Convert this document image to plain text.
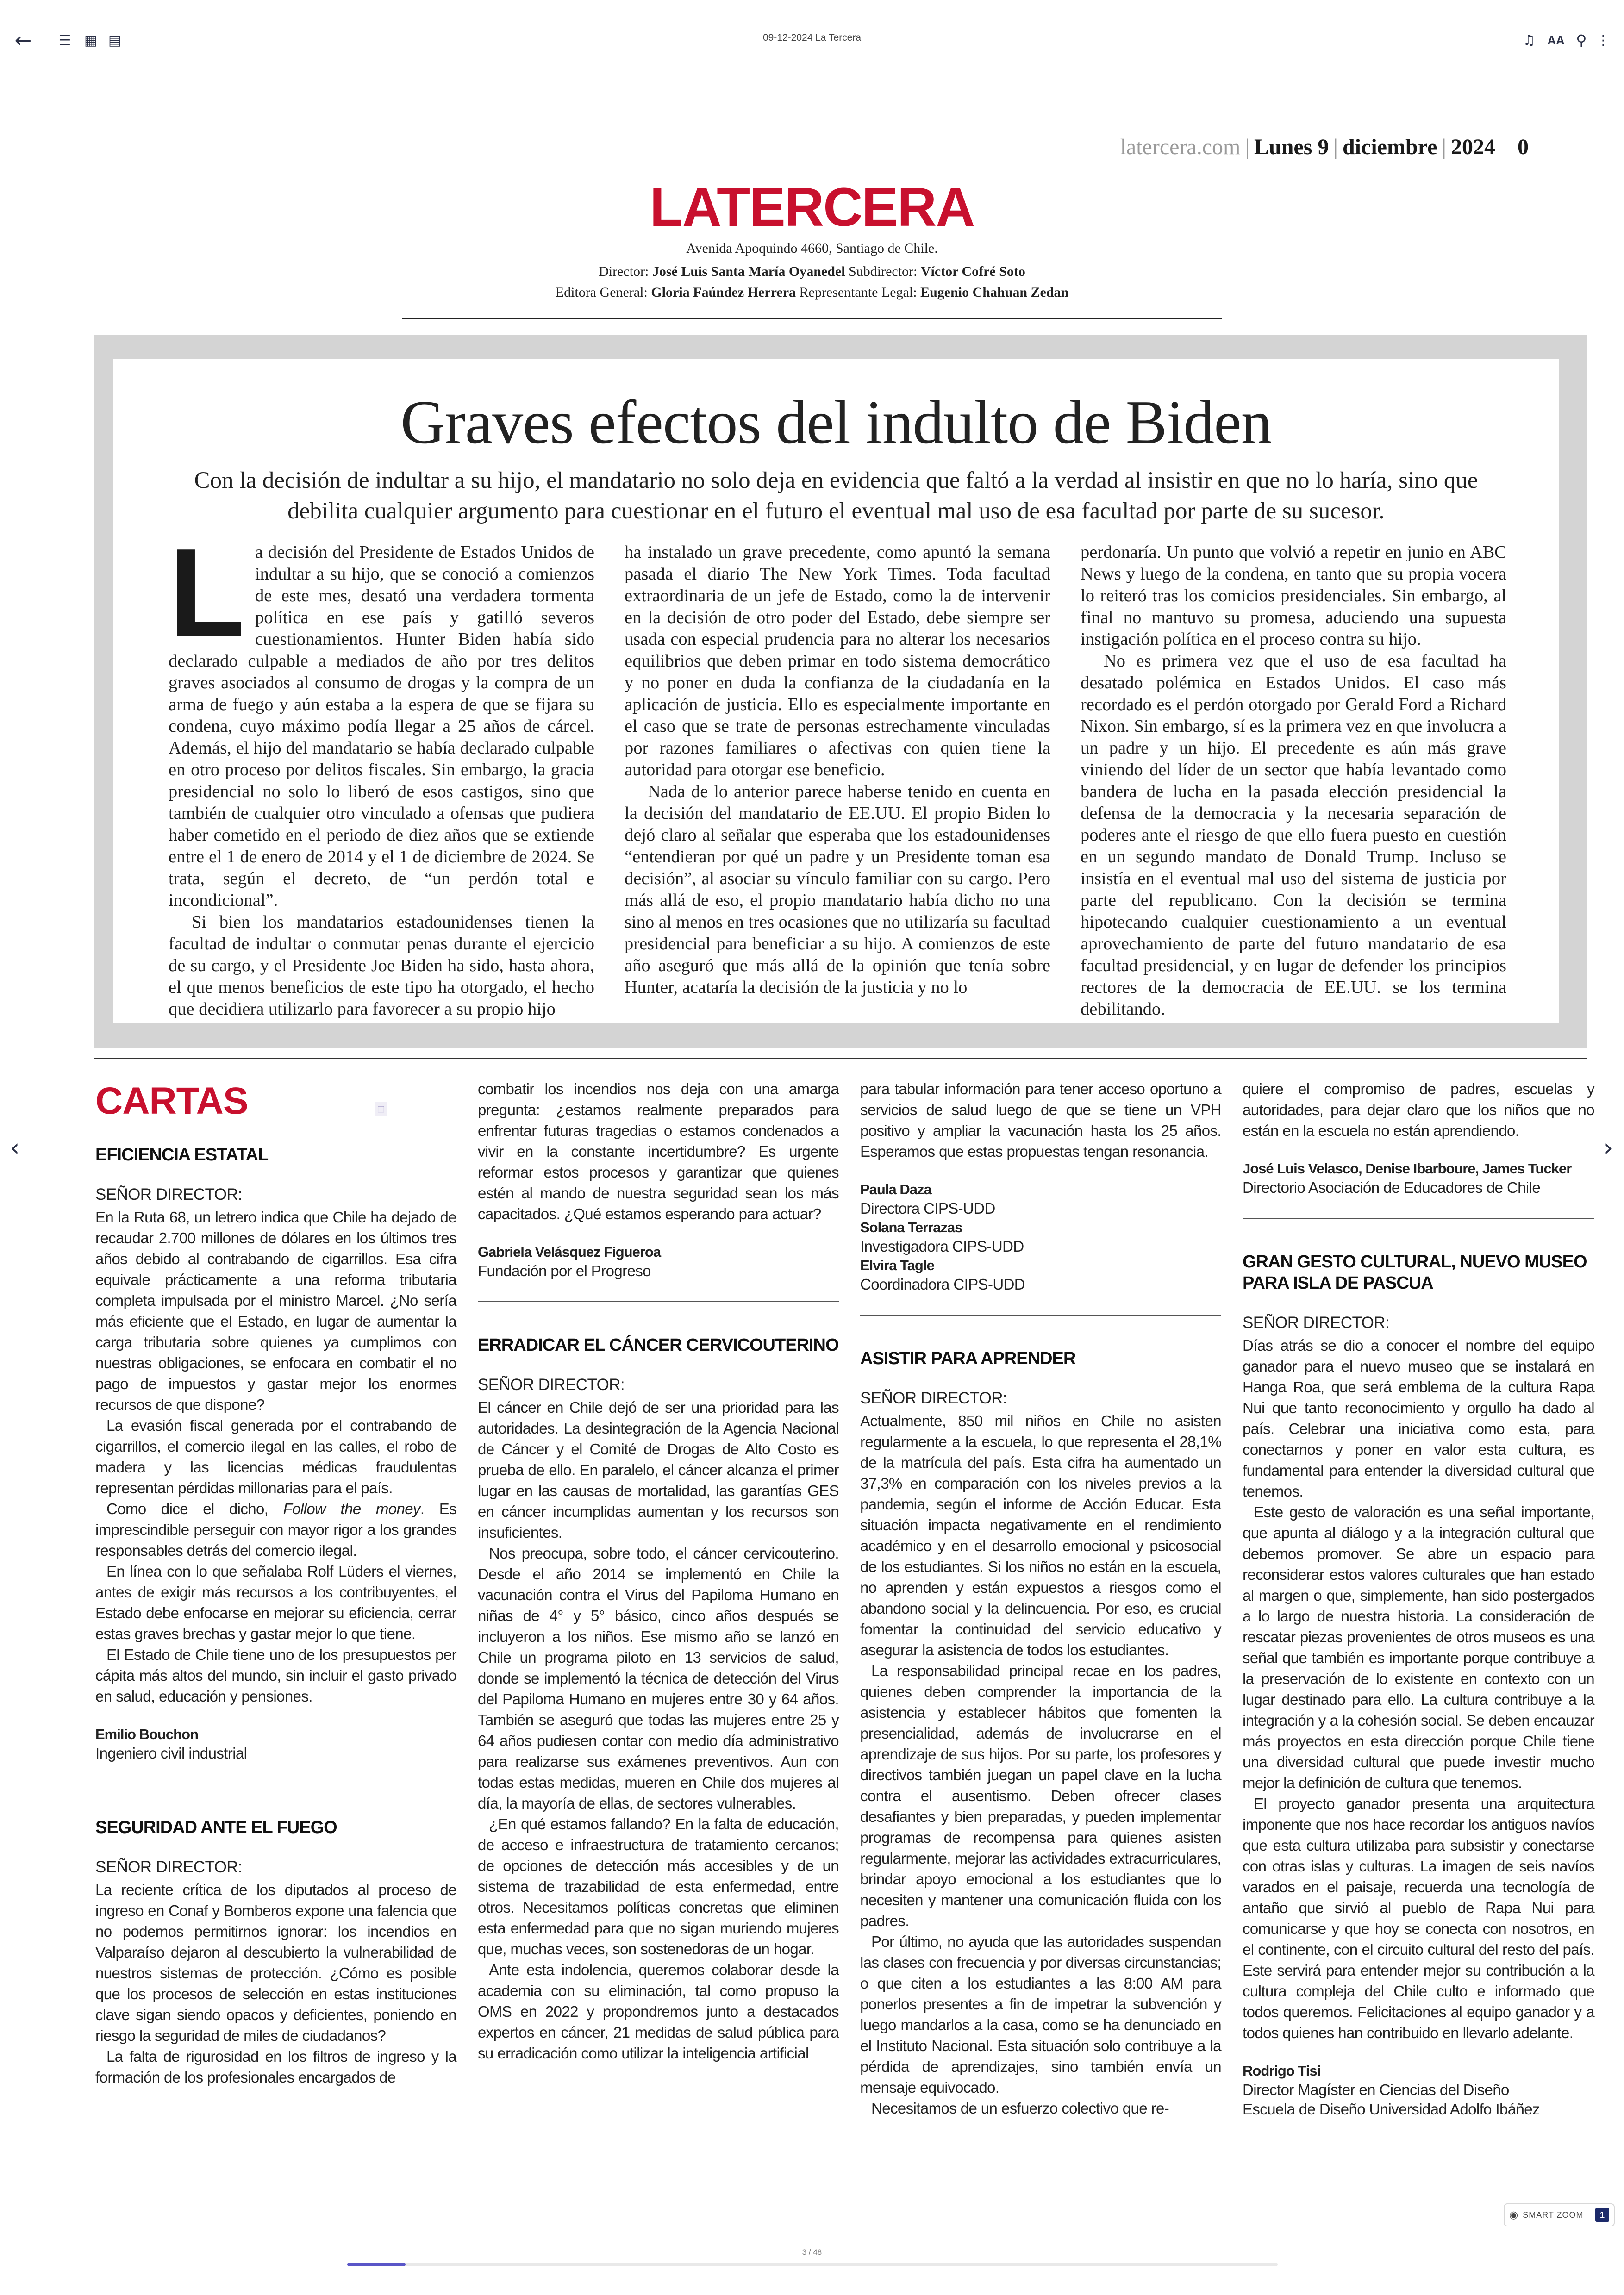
←	☰ ▦ ▤	09-12-2024 La Tercera	♫ AA ⚲ ⋮
latercera.com | Lunes 9 | diciembre | 2024 0
LATERCERA
Avenida Apoquindo 4660, Santiago de Chile.
Director: José Luis Santa María Oyanedel Subdirector: Víctor Cofré Soto
Editora General: Gloria Faúndez Herrera Representante Legal: Eugenio Chahuan Zedan
Graves efectos del indulto de Biden
Con la decisión de indultar a su hijo, el mandatario no solo deja en evidencia que faltó a la verdad al insistir en que no lo haría, sino que debilita cualquier argumento para cuestionar en el futuro el eventual mal uso de esa facultad por parte de su sucesor.
L a decisión del Presidente de Estados Unidos de indultar a su hijo, que se conoció a comienzos de este mes, desató una verdadera tormenta política en ese país y gatilló severos cuestionamientos. Hunter Biden había sido declarado culpable a mediados de año por tres delitos graves asociados al consumo de drogas y la compra de un arma de fuego y aún estaba a la espera de que se fijara su condena, cuyo máximo podía llegar a 25 años de cárcel. Además, el hijo del mandatario se había declarado culpable en otro proceso por delitos fiscales. Sin embargo, la gracia presidencial no solo lo liberó de esos castigos, sino que también de cualquier otro vinculado a ofensas que pudiera haber cometido en el periodo de diez años que se extiende entre el 1 de enero de 2014 y el 1 de diciembre de 2024. Se trata, según el decreto, de “un perdón total e incondicional”.

Si bien los mandatarios estadounidenses tienen la facultad de indultar o conmutar penas durante el ejercicio de su cargo, y el Presidente Joe Biden ha sido, hasta ahora, el que menos beneficios de este tipo ha otorgado, el hecho que decidiera utilizarlo para favorecer a su propio hijo

ha instalado un grave precedente, como apuntó la semana pasada el diario The New York Times. Toda facultad extraordinaria de un jefe de Estado, como la de intervenir en la decisión de otro poder del Estado, debe siempre ser usada con especial prudencia para no alterar los necesarios equilibrios que deben primar en todo sistema democrático y no poner en duda la confianza de la ciudadanía en la aplicación de justicia. Ello es especialmente importante en el caso que se trate de personas estrechamente vinculadas por razones familiares o afectivas con quien tiene la autoridad para otorgar ese beneficio.

Nada de lo anterior parece haberse tenido en cuenta en la decisión del mandatario de EE.UU. El propio Biden lo dejó claro al señalar que esperaba que los estadounidenses “entendieran por qué un padre y un Presidente toman esa decisión”, al asociar su vínculo familiar con su cargo. Pero más allá de eso, el propio mandatario había dicho no una sino al menos en tres ocasiones que no utilizaría su facultad presidencial para beneficiar a su hijo. A comienzos de este año aseguró que más allá de la opinión que tenía sobre Hunter, acataría la decisión de la justicia y no lo

perdonaría. Un punto que volvió a repetir en junio en ABC News y luego de la condena, en tanto que su propia vocera lo reiteró tras los comicios presidenciales. Sin embargo, al final no mantuvo su promesa, aduciendo una supuesta instigación política en el proceso contra su hijo.

No es primera vez que el uso de esa facultad ha desatado polémica en Estados Unidos. El caso más recordado es el perdón otorgado por Gerald Ford a Richard Nixon. Sin embargo, sí es la primera vez en que involucra a un padre y un hijo. El precedente es aún más grave viniendo del líder de un sector que había levantado como bandera de lucha en la pasada elección presidencial la defensa de la democracia y la necesaria separación de poderes ante el riesgo de que ello fuera puesto en cuestión en un segundo mandato de Donald Trump. Incluso se insistía en el eventual mal uso del sistema de justicia por parte del republicano. Con la decisión se termina hipotecando cualquier cuestionamiento a un eventual aprovechamiento de parte del futuro mandatario de esa facultad presidencial, y en lugar de defender los principios rectores de la democracia de EE.UU. se los termina debilitando.

CARTAS	□
EFICIENCIA ESTATAL

SEÑOR DIRECTOR:

En la Ruta 68, un letrero indica que Chile ha dejado de recaudar 2.700 millones de dólares en los últimos tres años debido al contrabando de cigarrillos. Esa cifra equivale prácticamente a una reforma tributaria completa impulsada por el ministro Marcel. ¿No sería más eficiente que el Estado, en lugar de aumentar la carga tributaria sobre quienes ya cumplimos con nuestras obligaciones, se enfocara en combatir el no pago de impuestos y gastar mejor los enormes recursos de que dispone?

La evasión fiscal generada por el contrabando de cigarrillos, el comercio ilegal en las calles, el robo de madera y las licencias médicas fraudulentas representan pérdidas millonarias para el país.

Como dice el dicho, Follow the money. Es imprescindible perseguir con mayor rigor a los grandes responsables detrás del comercio ilegal.

En línea con lo que señalaba Rolf Lüders el viernes, antes de exigir más recursos a los contribuyentes, el Estado debe enfocarse en mejorar su eficiencia, cerrar estas graves brechas y gastar mejor lo que tiene.

El Estado de Chile tiene uno de los presupuestos per cápita más altos del mundo, sin incluir el gasto privado en salud, educación y pensiones.

Emilio Bouchon

Ingeniero civil industrial

SEGURIDAD ANTE EL FUEGO

SEÑOR DIRECTOR:

La reciente crítica de los diputados al proceso de ingreso en Conaf y Bomberos expone una falencia que no podemos permitirnos ignorar: los incendios en Valparaíso dejaron al descubierto la vulnerabilidad de nuestros sistemas de protección. ¿Cómo es posible que los procesos de selección en estas instituciones clave sigan siendo opacos y deficientes, poniendo en riesgo la seguridad de miles de ciudadanos?

La falta de rigurosidad en los filtros de ingreso y la formación de los profesionales encargados de

combatir los incendios nos deja con una amarga pregunta: ¿estamos realmente preparados para enfrentar futuras tragedias o estamos condenados a vivir en la constante incertidumbre? Es urgente reformar estos procesos y garantizar que quienes estén al mando de nuestra seguridad sean los más capacitados. ¿Qué estamos esperando para actuar?

Gabriela Velásquez Figueroa

Fundación por el Progreso

ERRADICAR EL CÁNCER CERVICOUTERINO

SEÑOR DIRECTOR:

El cáncer en Chile dejó de ser una prioridad para las autoridades. La desintegración de la Agencia Nacional de Cáncer y el Comité de Drogas de Alto Costo es prueba de ello. En paralelo, el cáncer alcanza el primer lugar en las causas de mortalidad, las garantías GES en cáncer incumplidas aumentan y los recursos son insuficientes.

Nos preocupa, sobre todo, el cáncer cervicouterino. Desde el año 2014 se implementó en Chile la vacunación contra el Virus del Papiloma Humano en niñas de 4° y 5° básico, cinco años después se incluyeron a los niños. Ese mismo año se lanzó en Chile un programa piloto en 13 servicios de salud, donde se implementó la técnica de detección del Virus del Papiloma Humano en mujeres entre 30 y 64 años. También se aseguró que todas las mujeres entre 25 y 64 años pudiesen contar con medio día administrativo para realizarse sus exámenes preventivos. Aun con todas estas medidas, mueren en Chile dos mujeres al día, la mayoría de ellas, de sectores vulnerables.

¿En qué estamos fallando? En la falta de educación, de acceso e infraestructura de tratamiento cercanos; de opciones de detección más accesibles y de un sistema de trazabilidad de esta enfermedad, entre otros. Necesitamos políticas concretas que eliminen esta enfermedad para que no sigan muriendo mujeres que, muchas veces, son sostenedoras de un hogar.

Ante esta indolencia, queremos colaborar desde la academia con su eliminación, tal como propuso la OMS en 2022 y propondremos junto a destacados expertos en cáncer, 21 medidas de salud pública para su erradicación como utilizar la inteligencia artificial

para tabular información para tener acceso oportuno a servicios de salud luego de que se tiene un VPH positivo y ampliar la vacunación hasta los 25 años. Esperamos que estas propuestas tengan resonancia.

Paula Daza

Directora CIPS-UDD

Solana Terrazas

Investigadora CIPS-UDD

Elvira Tagle

Coordinadora CIPS-UDD

ASISTIR PARA APRENDER

SEÑOR DIRECTOR:

Actualmente, 850 mil niños en Chile no asisten regularmente a la escuela, lo que representa el 28,1% de la matrícula del país. Esta cifra ha aumentado un 37,3% en comparación con los niveles previos a la pandemia, según el informe de Acción Educar. Esta situación impacta negativamente en el rendimiento académico y en el desarrollo emocional y psicosocial de los estudiantes. Si los niños no están en la escuela, no aprenden y están expuestos a riesgos como el abandono social y la delincuencia. Por eso, es crucial fomentar la continuidad del servicio educativo y asegurar la asistencia de todos los estudiantes.

La responsabilidad principal recae en los padres, quienes deben comprender la importancia de la asistencia y establecer hábitos que fomenten la presencialidad, además de involucrarse en el aprendizaje de sus hijos. Por su parte, los profesores y directivos también juegan un papel clave en la lucha contra el ausentismo. Deben ofrecer clases desafiantes y bien preparadas, y pueden implementar programas de recompensa para quienes asisten regularmente, mejorar las actividades extracurriculares, brindar apoyo emocional a los estudiantes que lo necesiten y mantener una comunicación fluida con los padres.

Por último, no ayuda que las autoridades suspendan las clases con frecuencia y por diversas circunstancias; o que citen a los estudiantes a las 8:00 AM para ponerlos presentes a fin de impetrar la subvención y luego mandarlos a la casa, como se ha denunciado en el Instituto Nacional. Esta situación solo contribuye a la pérdida de aprendizajes, sino también envía un mensaje equivocado.

Necesitamos de un esfuerzo colectivo que re-

quiere el compromiso de padres, escuelas y autoridades, para dejar claro que los niños que no están en la escuela no están aprendiendo.

José Luis Velasco, Denise Ibarboure, James Tucker

Directorio Asociación de Educadores de Chile

GRAN GESTO CULTURAL, NUEVO MUSEO PARA ISLA DE PASCUA

SEÑOR DIRECTOR:

Días atrás se dio a conocer el nombre del equipo ganador para el nuevo museo que se instalará en Hanga Roa, que será emblema de la cultura Rapa Nui que tanto reconocimiento y orgullo ha dado al país. Celebrar una iniciativa como esta, para conectarnos y poner en valor esta cultura, es fundamental para entender la diversidad cultural que tenemos.

Este gesto de valoración es una señal importante, que apunta al diálogo y a la integración cultural que debemos promover. Se abre un espacio para reconsiderar estos valores culturales que han estado al margen o que, simplemente, han sido postergados a lo largo de nuestra historia. La consideración de rescatar piezas provenientes de otros museos es una señal que también es importante porque contribuye a la preservación de lo existente en contexto con un lugar destinado para ello. La cultura contribuye a la integración y a la cohesión social. Se deben encauzar más proyectos en esta dirección porque Chile tiene una diversidad cultural que puede investir mucho mejor la definición de cultura que tenemos.

El proyecto ganador presenta una arquitectura imponente que nos hace recordar los antiguos navíos que esta cultura utilizaba para subsistir y conectarse con otras islas y culturas. La imagen de seis navíos varados en el paisaje, recuerda una tecnología de antaño que sirvió al pueblo de Rapa Nui para comunicarse y que hoy se conecta con nosotros, en el continente, con el circuito cultural del resto del país. Este servirá para entender mejor su contribución a la cultura compleja del Chile culto e informado que todos queremos. Felicitaciones al equipo ganador y a todos quienes han contribuido en llevarlo adelante.

Rodrigo Tisi

Director Magíster en Ciencias del Diseño

Escuela de Diseño Universidad Adolfo Ibáñez

‹	›
◉ SMART ZOOM	1
3 / 48
